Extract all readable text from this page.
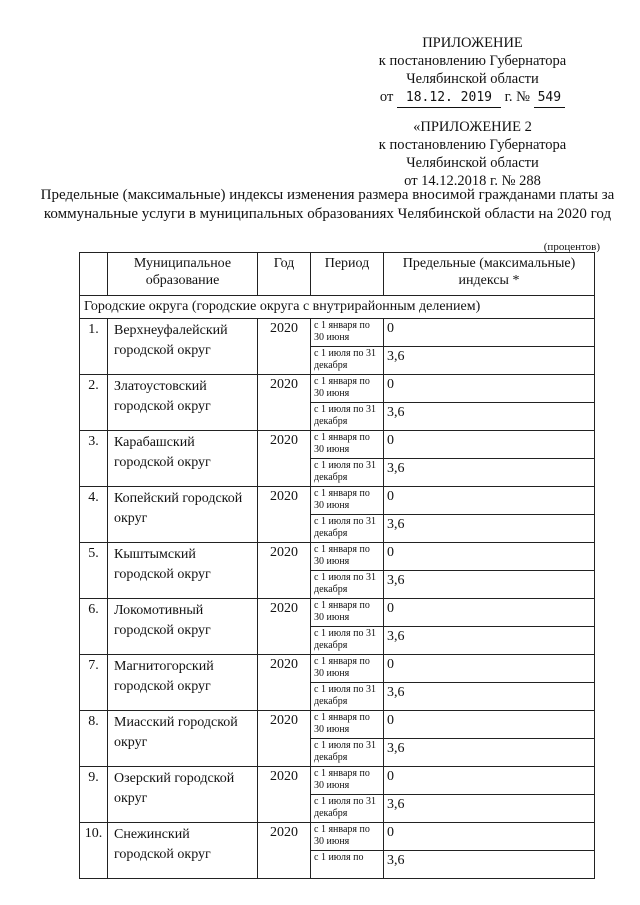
ПРИЛОЖЕНИЕ
к постановлению Губернатора
Челябинской области
от 18.12. 2019 г. № 549
«ПРИЛОЖЕНИЕ 2
к постановлению Губернатора
Челябинской области
от 14.12.2018 г. № 288
Предельные (максимальные) индексы изменения размера вносимой гражданами платы за коммунальные услуги в муниципальных образованиях Челябинской области на 2020 год
(процентов)
	Муниципальное образование	Год	Период	Предельные (максимальные) индексы *
Городские округа (городские округа с внутрирайонным делением)				
1.	Верхнеуфалейский городской округ	2020	с 1 января по 30 июня	0
			с 1 июля по 31 декабря	3,6
2.	Златоустовский городской округ	2020	с 1 января по 30 июня	0
			с 1 июля по 31 декабря	3,6
3.	Карабашский городской округ	2020	с 1 января по 30 июня	0
			с 1 июля по 31 декабря	3,6
4.	Копейский городской округ	2020	с 1 января по 30 июня	0
			с 1 июля по 31 декабря	3,6
5.	Кыштымский городской округ	2020	с 1 января по 30 июня	0
			с 1 июля по 31 декабря	3,6
6.	Локомотивный городской округ	2020	с 1 января по 30 июня	0
			с 1 июля по 31 декабря	3,6
7.	Магнитогорский городской округ	2020	с 1 января по 30 июня	0
			с 1 июля по 31 декабря	3,6
8.	Миасский городской округ	2020	с 1 января по 30 июня	0
			с 1 июля по 31 декабря	3,6
9.	Озерский городской округ	2020	с 1 января по 30 июня	0
			с 1 июля по 31 декабря	3,6
10.	Снежинский городской округ	2020	с 1 января по 30 июня	0
			с 1 июля по	3,6
